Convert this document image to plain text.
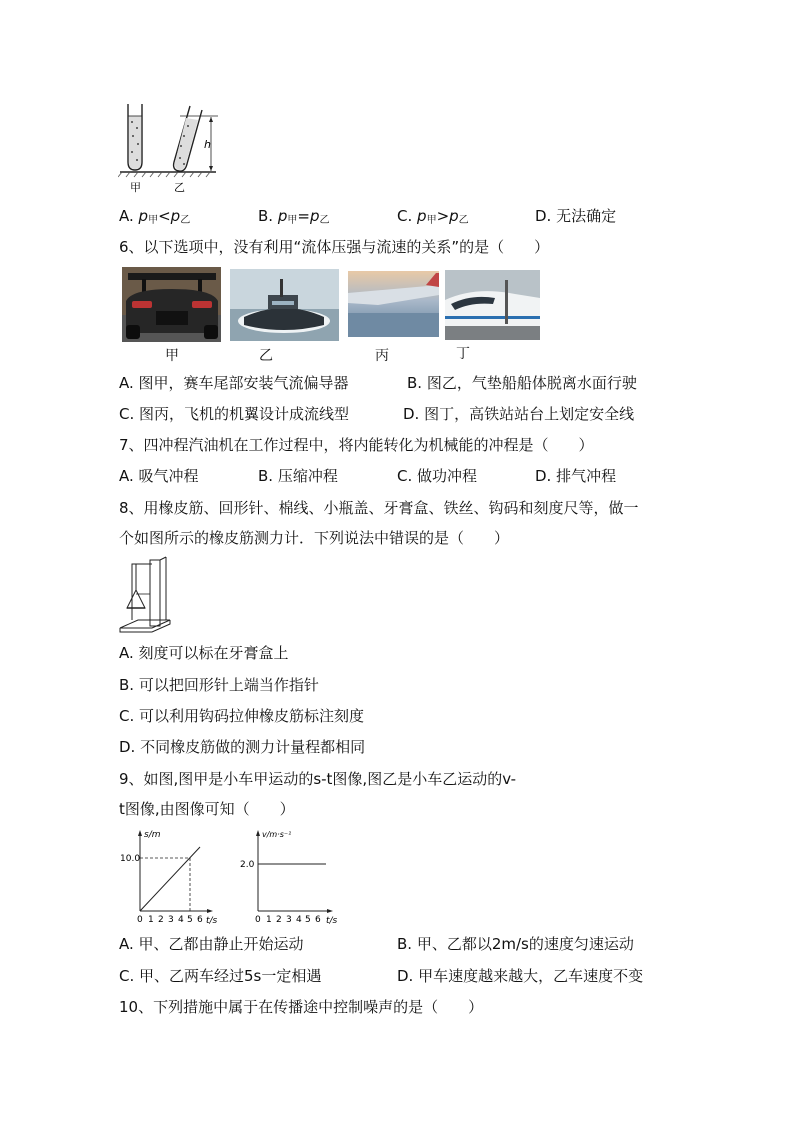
h
甲	乙
A. $p_甲<p_乙$	B. $p_甲=p_乙$	C. $p_甲>p_乙$	D. 无法确定
6、以下选项中，没有利用“流体压强与流速的关系”的是（　　）
甲	乙	丙	丁
A. 图甲，赛车尾部安装气流偏导器	B. 图乙，气垫船船体脱离水面行驶
C. 图丙，飞机的机翼设计成流线型	D. 图丁，高铁站站台上划定安全线
7、四冲程汽油机在工作过程中，将内能转化为机械能的冲程是（　　）
A. 吸气冲程	B. 压缩冲程	C. 做功冲程	D. 排气冲程
8、用橡皮筋、回形针、棉线、小瓶盖、牙膏盒、铁丝、钩码和刻度尺等，做一
个如图所示的橡皮筋测力计．下列说法中错误的是（　　）
A. 刻度可以标在牙膏盒上
B. 可以把回形针上端当作指针
C. 可以利用钩码拉伸橡皮筋标注刻度
D. 不同橡皮筋做的测力计量程都相同
9、如图,图甲是小车甲运动的s-t图像,图乙是小车乙运动的v-
t图像,由图像可知（　　）
s/m
t/s
10.0
0 1 2 3 4 5 6
v/m·s⁻¹
t/s
2.0
0 1 2 3 4 5 6
A. 甲、乙都由静止开始运动	B. 甲、乙都以2m/s的速度匀速运动
C. 甲、乙两车经过5s一定相遇	D. 甲车速度越来越大，乙车速度不变
10、下列措施中属于在传播途中控制噪声的是（　　）
